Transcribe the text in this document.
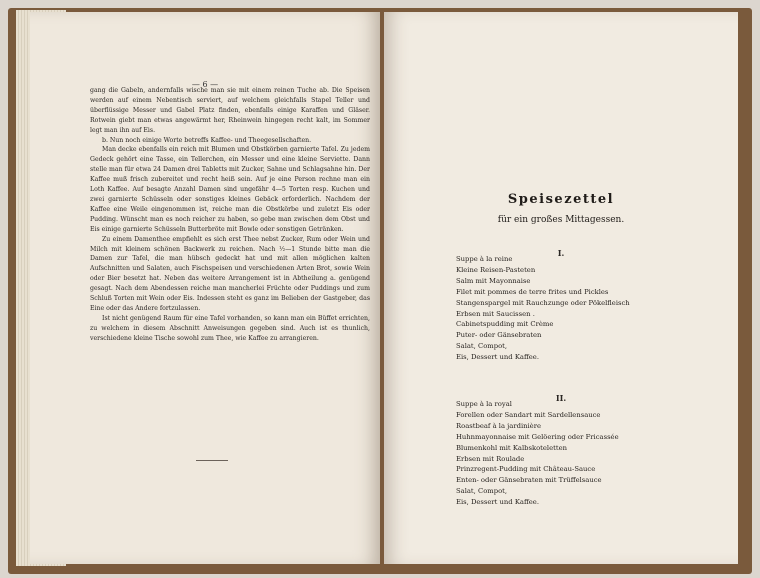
— 6 —

gang die Gabeln, andernfalls wische man sie mit einem reinen Tuche ab. Die Speisen werden auf einem Nebentisch serviert, auf welchem gleichfalls Stapel Teller und überflüssige Messer und Gabel Platz finden, ebenfalls einige Karaffen und Gläser. Rotwein giebt man etwas angewärmt her, Rheinwein hingegen recht kalt, im Sommer legt man ihn auf Eis.

b. Nun noch einige Worte betreffs Kaffee- und Theegesellschaften.

Man decke ebenfalls ein reich mit Blumen und Obstkörben garnierte Tafel. Zu jedem Gedeck gehört eine Tasse, ein Tellerchen, ein Messer und eine kleine Serviette. Dann stelle man für etwa 24 Damen drei Tabletts mit Zucker, Sahne und Schlagsahne hin. Der Kaffee muß frisch zubereitet und recht heiß sein. Auf je eine Person rechne man ein Loth Kaffee. Auf besagte Anzahl Damen sind ungefähr 4—5 Torten resp. Kuchen und zwei garnierte Schüsseln oder sonstiges kleines Gebäck erforderlich. Nachdem der Kaffee eine Weile eingenommen ist, reiche man die Obstkörbe und zuletzt Eis oder Pudding. Wünscht man es noch reicher zu haben, so gebe man zwischen dem Obst und Eis einige garnierte Schüsseln Butterbröte mit Bowle oder sonstigen Getränken.

Zu einem Damenthee empfiehlt es sich erst Thee nebst Zucker, Rum oder Wein und Milch mit kleinem schönen Backwerk zu reichen. Nach ½—1 Stunde bitte man die Damen zur Tafel, die man hübsch gedeckt hat und mit allen möglichen kalten Aufschnitten und Salaten, auch Fischspeisen und verschiedenen Arten Brot, sowie Wein oder Bier besetzt hat. Neben das weitere Arrangement ist in Abtheilung a. genügend gesagt. Nach dem Abendessen reiche man mancherlei Früchte oder Puddings und zum Schluß Torten mit Wein oder Eis. Indessen steht es ganz im Belieben der Gastgeber, das Eine oder das Andere fortzulassen.

Ist nicht genügend Raum für eine Tafel vorhanden, so kann man ein Büffet errichten, zu welchem in diesem Abschnitt Anweisungen gegeben sind. Auch ist es thunlich, verschiedene kleine Tische sowohl zum Thee, wie Kaffee zu arrangieren.

Speisezettel
für ein großes Mittagessen.
I.
II.
Suppe à la reine
Kleine Reisen-Pasteten
Salm mit Mayonnaise
Filet mit pommes de terre frites und Pickles
Stangenspargel mit Rauchzunge oder Pökelfleisch
Erbsen mit Saucissen .
Cabinetspudding mit Crème
Puter- oder Gänsebraten
Salat, Compot,
Eis, Dessert und Kaffee.
Suppe à la royal
Forellen oder Sandart mit Sardellensauce
Roastbeaf à la jardinière
Huhnmayonnaise mit Gelöering oder Fricassée
Blumenkohl mit Kalbskoteletten
Erbsen mit Roulade
Prinzregent-Pudding mit Château-Sauce
Enten- oder Gänsebraten mit Trüffelsauce
Salat, Compot,
Eis, Dessert und Kaffee.
